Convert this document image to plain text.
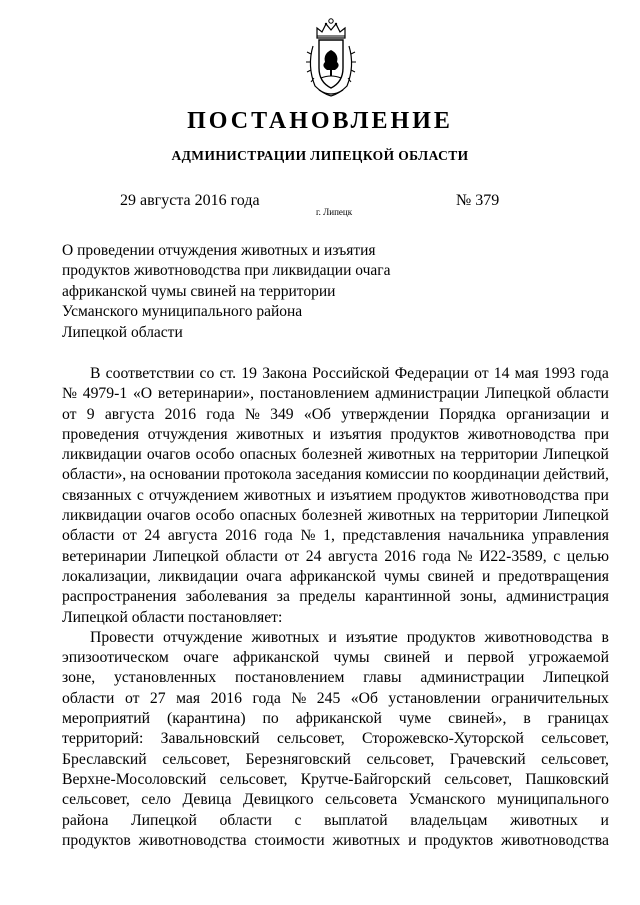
ПОСТАНОВЛЕНИЕ
АДМИНИСТРАЦИИ ЛИПЕЦКОЙ ОБЛАСТИ
29 августа 2016 года
г. Липецк
№ 379
О проведении отчуждения животных и изъятия
продуктов животноводства при ликвидации очага
африканской чумы свиней на территории
Усманского муниципального района
Липецкой области
В соответствии со ст. 19 Закона Российской Федерации от 14 мая 1993 года
№ 4979-1 «О ветеринарии», постановлением администрации Липецкой области
от 9 августа 2016 года № 349 «Об утверждении Порядка организации и
проведения отчуждения животных и изъятия продуктов животноводства при
ликвидации очагов особо опасных болезней животных на территории Липецкой
области», на основании протокола заседания комиссии по координации действий,
связанных с отчуждением животных и изъятием продуктов животноводства при
ликвидации очагов особо опасных болезней животных на территории Липецкой
области от 24 августа 2016 года № 1, представления начальника управления
ветеринарии Липецкой области от 24 августа 2016 года № И22-3589, с целью
локализации, ликвидации очага африканской чумы свиней и предотвращения
распространения заболевания за пределы карантинной зоны, администрация
Липецкой области постановляет:
Провести отчуждение животных и изъятие продуктов животноводства в
эпизоотическом очаге африканской чумы свиней и первой угрожаемой
зоне, установленных постановлением главы администрации Липецкой
области от 27 мая 2016 года № 245 «Об установлении ограничительных
мероприятий (карантина) по африканской чуме свиней», в границах
территорий: Завальновский сельсовет, Сторожевско-Хуторской сельсовет,
Бреславский сельсовет, Березняговский сельсовет, Грачевский сельсовет,
Верхне-Мосоловский сельсовет, Крутче-Байгорский сельсовет, Пашковский
сельсовет, село Девица Девицкого сельсовета Усманского муниципального
района Липецкой области с выплатой владельцам животных и
продуктов животноводства стоимости животных и продуктов животноводства
